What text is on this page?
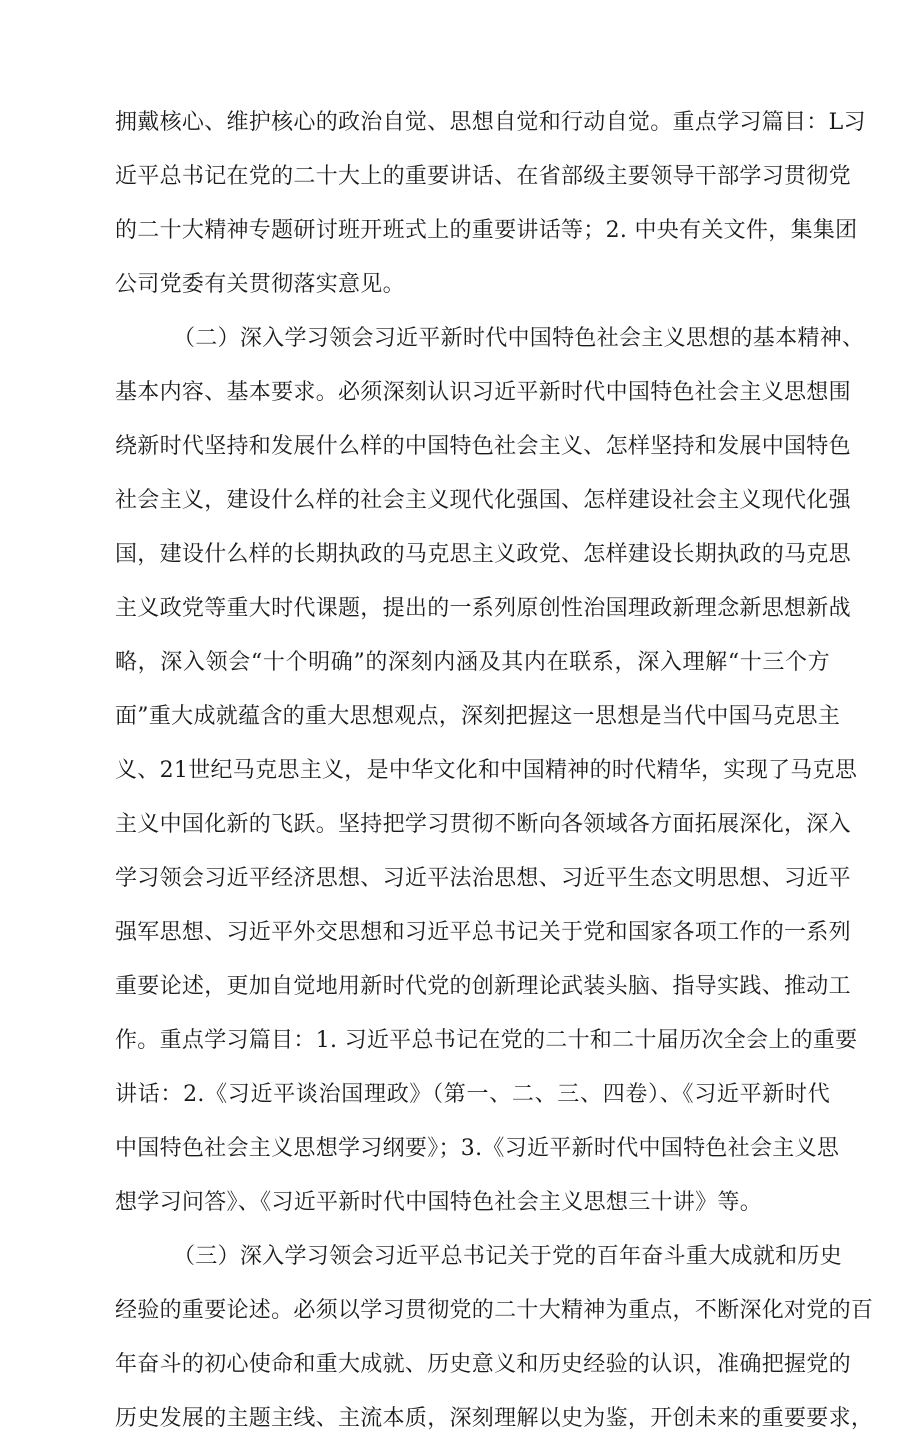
拥戴核心、维护核心的政治自觉、思想自觉和行动自觉。重点学习篇目：L习
近平总书记在党的二十大上的重要讲话、在省部级主要领导干部学习贯彻党
的二十大精神专题研讨班开班式上的重要讲话等；2. 中央有关文件，集集团
公司党委有关贯彻落实意见。
（二）深入学习领会习近平新时代中国特色社会主义思想的基本精神、
基本内容、基本要求。必须深刻认识习近平新时代中国特色社会主义思想围
绕新时代坚持和发展什么样的中国特色社会主义、怎样坚持和发展中国特色
社会主义，建设什么样的社会主义现代化强国、怎样建设社会主义现代化强
国，建设什么样的长期执政的马克思主义政党、怎样建设长期执政的马克思
主义政党等重大时代课题，提出的一系列原创性治国理政新理念新思想新战
略，深入领会“十个明确”的深刻内涵及其内在联系，深入理解“十三个方
面”重大成就蕴含的重大思想观点，深刻把握这一思想是当代中国马克思主
义、21世纪马克思主义，是中华文化和中国精神的时代精华，实现了马克思
主义中国化新的飞跃。坚持把学习贯彻不断向各领域各方面拓展深化，深入
学习领会习近平经济思想、习近平法治思想、习近平生态文明思想、习近平
强军思想、习近平外交思想和习近平总书记关于党和国家各项工作的一系列
重要论述，更加自觉地用新时代党的创新理论武装头脑、指导实践、推动工
作。重点学习篇目：1. 习近平总书记在党的二十和二十届历次全会上的重要
讲话：2.《习近平谈治国理政》（第一、二、三、四卷）、《习近平新时代
中国特色社会主义思想学习纲要》；3.《习近平新时代中国特色社会主义思
想学习问答》、《习近平新时代中国特色社会主义思想三十讲》等。
（三）深入学习领会习近平总书记关于党的百年奋斗重大成就和历史
经验的重要论述。必须以学习贯彻党的二十大精神为重点，不断深化对党的百
年奋斗的初心使命和重大成就、历史意义和历史经验的认识，准确把握党的
历史发展的主题主线、主流本质，深刻理解以史为鉴，开创未来的重要要求，
